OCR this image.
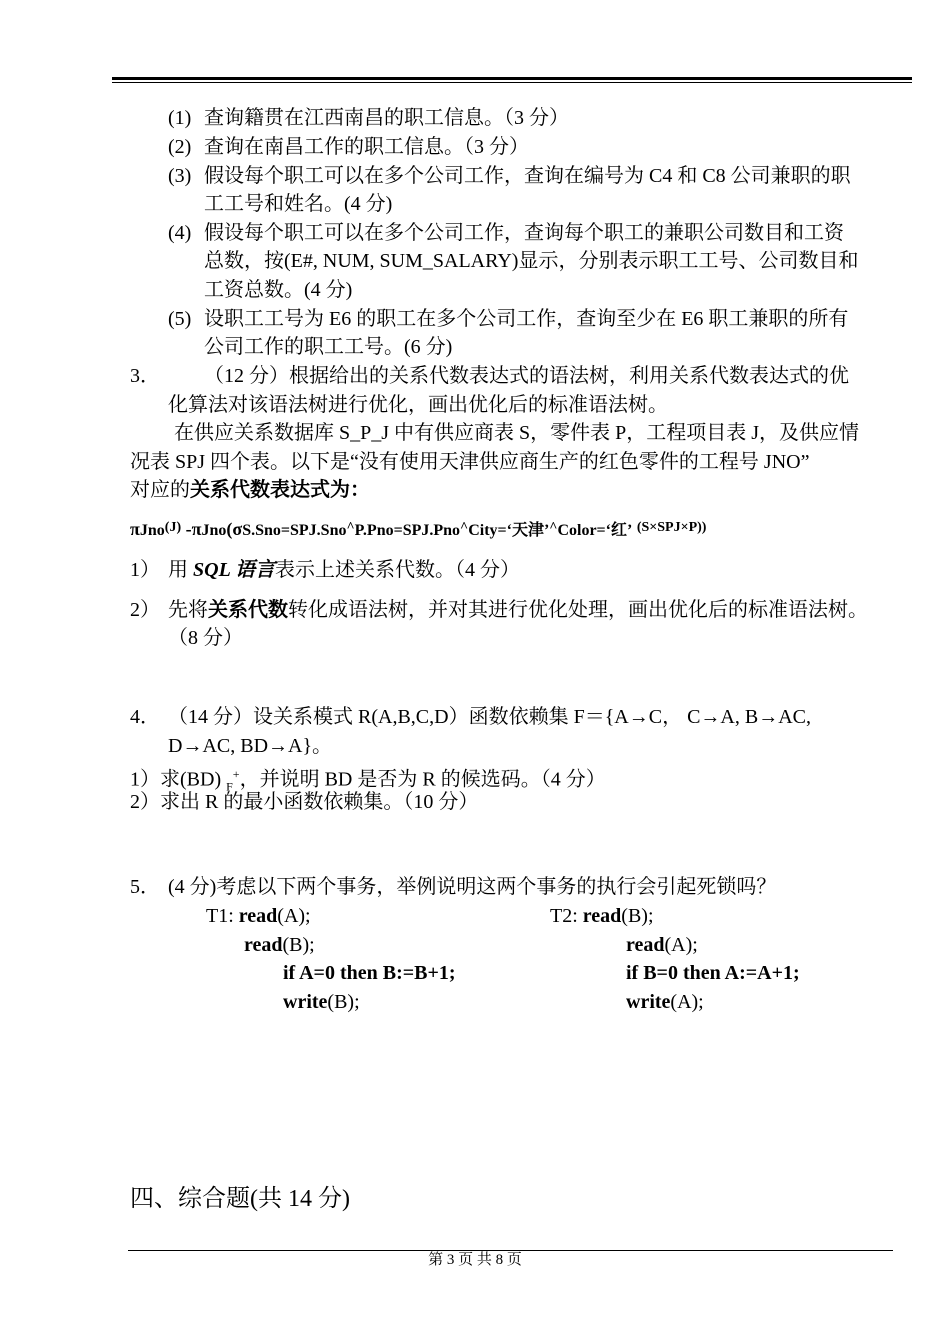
(1) 查询籍贯在江西南昌的职工信息。（3 分）
(2) 查询在南昌工作的职工信息。（3 分）
(3) 假设每个职工可以在多个公司工作，查询在编号为 C4 和 C8 公司兼职的职
工工号和姓名。(4 分)
(4) 假设每个职工可以在多个公司工作，查询每个职工的兼职公司数目和工资
总数，按(E#, NUM, SUM_SALARY)显示，分别表示职工工号、公司数目和
工资总数。(4 分)
(5) 设职工工号为 E6 的职工在多个公司工作，查询至少在 E6 职工兼职的所有
公司工作的职工工号。(6 分)
3． （12 分）根据给出的关系代数表达式的语法树，利用关系代数表达式的优
化算法对该语法树进行优化，画出优化后的标准语法树。
在供应关系数据库 S_P_J 中有供应商表 S，零件表 P，工程项目表 J，及供应情
况表 SPJ 四个表。以下是“没有使用天津供应商生产的红色零件的工程号 JNO”
对应的关系代数表达式为：
πJno$^{(J)}$ -πJno(σS.Sno=SPJ.Sno^P.Pno=SPJ.Pno^City=‘天津’^Color=‘红’ $^{(S\times SPJ\times P))}$
1） 用 SQL 语言表示上述关系代数。（4 分）
2） 先将关系代数转化成语法树，并对其进行优化处理，画出优化后的标准语法树。
（8 分）
4． （14 分）设关系模式 R(A,B,C,D）函数依赖集 F＝{A→C， C→A, B→AC,
D→AC, BD→A}。
1）求(BD) $_F$+，并说明 BD 是否为 R 的候选码。（4 分）
2）求出 R 的最小函数依赖集。（10 分）
5． (4 分)考虑以下两个事务，举例说明这两个事务的执行会引起死锁吗？
T1: read(A);
read(B);
if A=0 then B:=B+1;
write(B);
T2: read(B);
read(A);
if B=0 then A:=A+1;
write(A);
四、综合题(共 14 分)
第 3 页 共 8 页
